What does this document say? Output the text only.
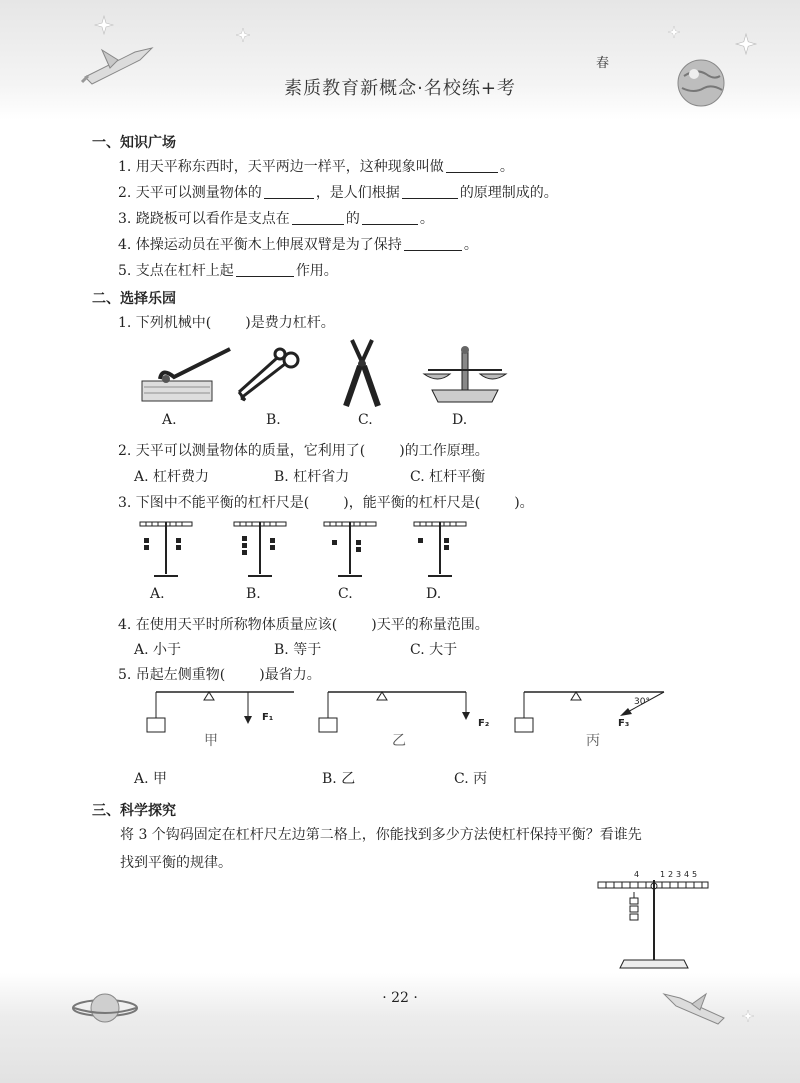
春
素质教育新概念·名校练+考
一、知识广场
1. 用天平称东西时，天平两边一样平，这种现象叫做	。
2. 天平可以测量物体的	，是人们根据	的原理制成的。
3. 跷跷板可以看作是支点在	的	。
4. 体操运动员在平衡木上伸展双臂是为了保持	。
5. 支点在杠杆上起	作用。
二、选择乐园
1. 下列机械中( )是费力杠杆。
A.	B.	C.	D.
2. 天平可以测量物体的质量，它利用了( )的工作原理。
A. 杠杆费力	B. 杠杆省力	C. 杠杆平衡
3. 下图中不能平衡的杠杆尺是( )，能平衡的杠杆尺是( )。
A.	B.	C.	D.
4. 在使用天平时所称物体质量应该( )天平的称量范围。
A. 小于	B. 等于	C. 大于
5. 吊起左侧重物( )最省力。
F₁
F₂	F₃
30°
甲	乙	丙
A. 甲	B. 乙	C. 丙
三、科学探究
将 3 个钩码固定在杠杆尺左边第二格上，你能找到多少方法使杠杆保持平衡？看谁先
找到平衡的规律。
4	1 2 3 4 5
· 22 ·
